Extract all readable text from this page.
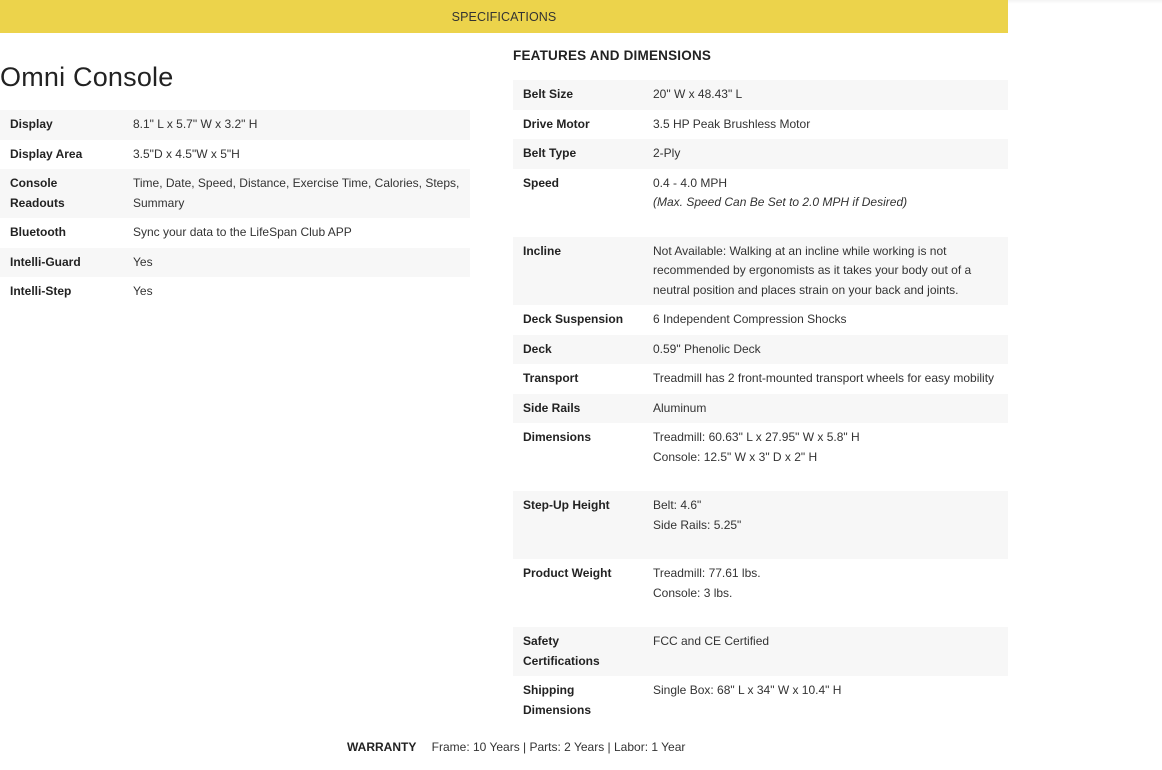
SPECIFICATIONS
Omni Console
Display	8.1" L x 5.7" W x 3.2" H
Display Area	3.5"D x 4.5"W x 5"H
Console Readouts	Time, Date, Speed, Distance, Exercise Time, Calories, Steps, Summary
Bluetooth	Sync your data to the LifeSpan Club APP
Intelli-Guard	Yes
Intelli-Step	Yes
FEATURES AND DIMENSIONS
Belt Size	20" W x 48.43" L

Drive Motor	3.5 HP Peak Brushless Motor

Belt Type	2-Ply

Speed	0.4 - 4.0 MPH
(Max. Speed Can Be Set to 2.0 MPH if Desired)

Incline	Not Available: Walking at an incline while working is not recommended by ergonomists as it takes your body out of a neutral position and places strain on your back and joints.

Deck Suspension	6 Independent Compression Shocks

Deck	0.59" Phenolic Deck

Transport	Treadmill has 2 front-mounted transport wheels for easy mobility

Side Rails	Aluminum

Dimensions	Treadmill: 60.63" L x 27.95" W x 5.8" H
Console: 12.5" W x 3" D x 2" H

Step-Up Height	Belt: 4.6"
Side Rails: 5.25"

Product Weight	Treadmill: 77.61 lbs.
Console: 3 lbs.

Safety Certifications	FCC and CE Certified

Shipping Dimensions	Single Box: 68" L x 34" W x 10.4" H
WARRANTY Frame: 10 Years | Parts: 2 Years | Labor: 1 Year
